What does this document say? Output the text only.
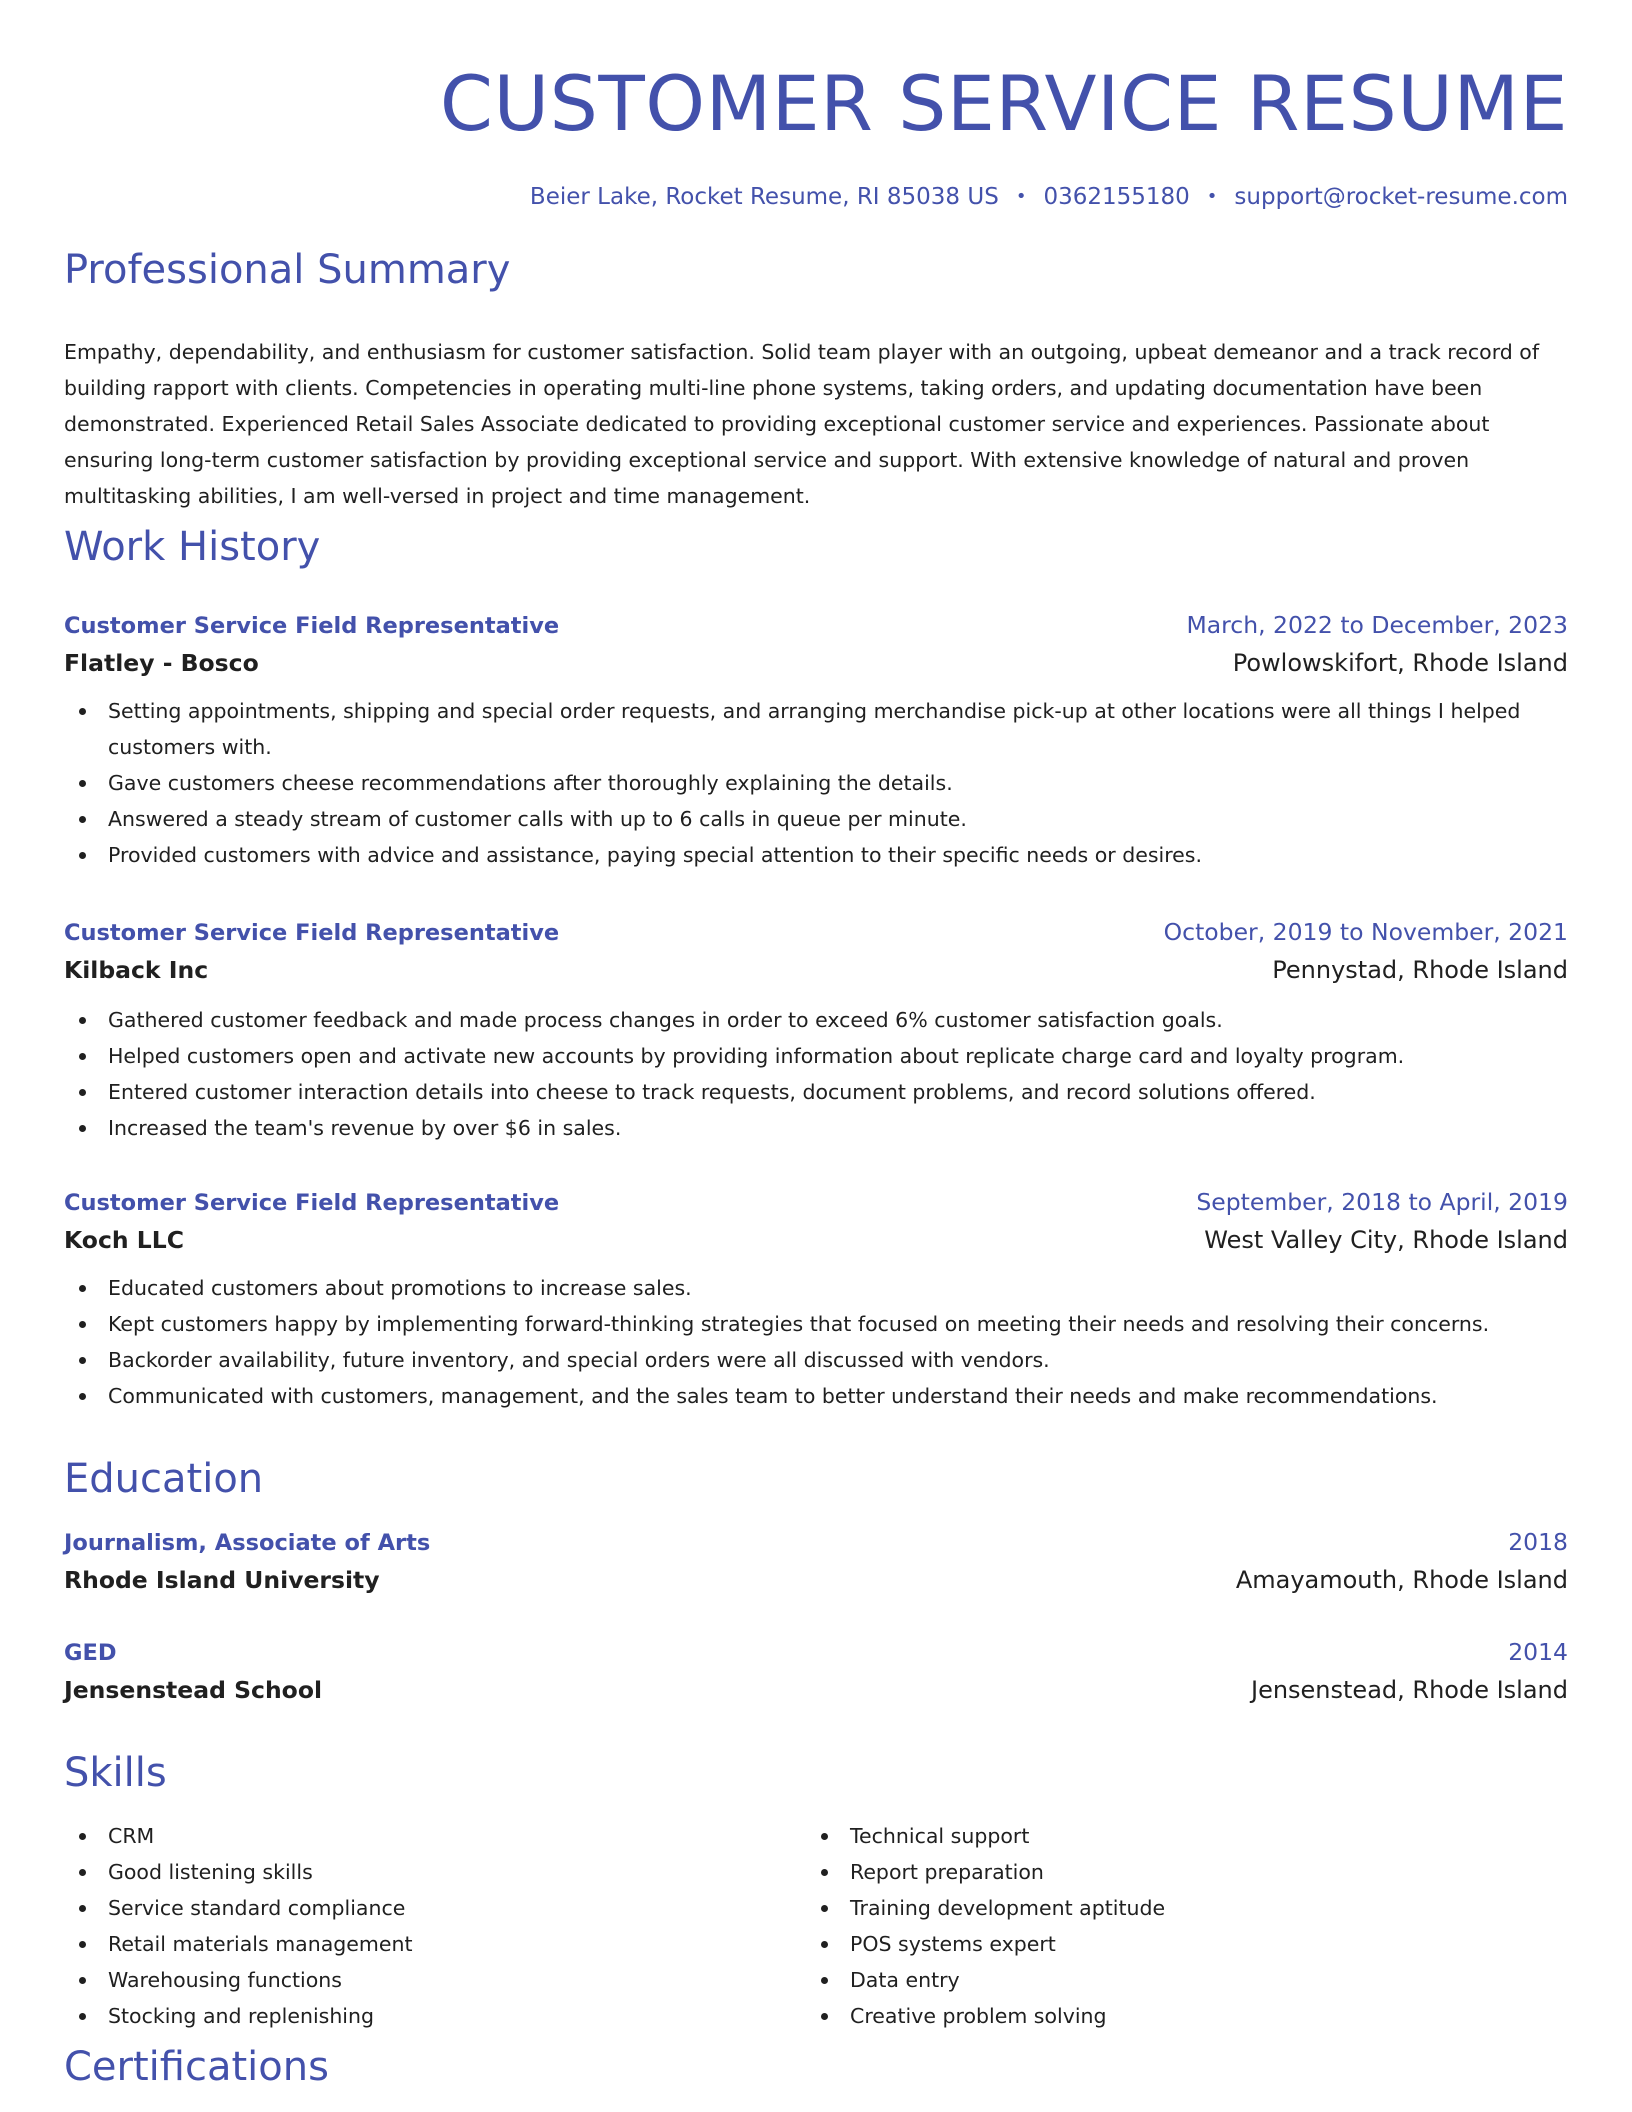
CUSTOMER SERVICE RESUME
Beier Lake, Rocket Resume, RI 85038 US • 0362155180 • support@rocket-resume.com
Professional Summary

Empathy, dependability, and enthusiasm for customer satisfaction. Solid team player with an outgoing, upbeat demeanor and a track record of building rapport with clients. Competencies in operating multi-line phone systems, taking orders, and updating documentation have been demonstrated. Experienced Retail Sales Associate dedicated to providing exceptional customer service and experiences. Passionate about ensuring long-term customer satisfaction by providing exceptional service and support. With extensive knowledge of natural and proven multitasking abilities, I am well-versed in project and time management.

Work History
Customer Service Field Representative	March, 2022 to December, 2023
Flatley - Bosco	Powlowskifort, Rhode Island
Setting appointments, shipping and special order requests, and arranging merchandise pick-up at other locations were all things I helped customers with.
Gave customers cheese recommendations after thoroughly explaining the details.
Answered a steady stream of customer calls with up to 6 calls in queue per minute.
Provided customers with advice and assistance, paying special attention to their specific needs or desires.
Customer Service Field Representative	October, 2019 to November, 2021
Kilback Inc	Pennystad, Rhode Island
Gathered customer feedback and made process changes in order to exceed 6% customer satisfaction goals.
Helped customers open and activate new accounts by providing information about replicate charge card and loyalty program.
Entered customer interaction details into cheese to track requests, document problems, and record solutions offered.
Increased the team's revenue by over $6 in sales.
Customer Service Field Representative	September, 2018 to April, 2019
Koch LLC	West Valley City, Rhode Island
Educated customers about promotions to increase sales.
Kept customers happy by implementing forward-thinking strategies that focused on meeting their needs and resolving their concerns.
Backorder availability, future inventory, and special orders were all discussed with vendors.
Communicated with customers, management, and the sales team to better understand their needs and make recommendations.
Education
Journalism, Associate of Arts	2018
Rhode Island University	Amayamouth, Rhode Island
GED	2014
Jensenstead School	Jensenstead, Rhode Island
Skills
CRM
Good listening skills
Service standard compliance
Retail materials management
Warehousing functions
Stocking and replenishing
Technical support
Report preparation
Training development aptitude
POS systems expert
Data entry
Creative problem solving
Certifications
